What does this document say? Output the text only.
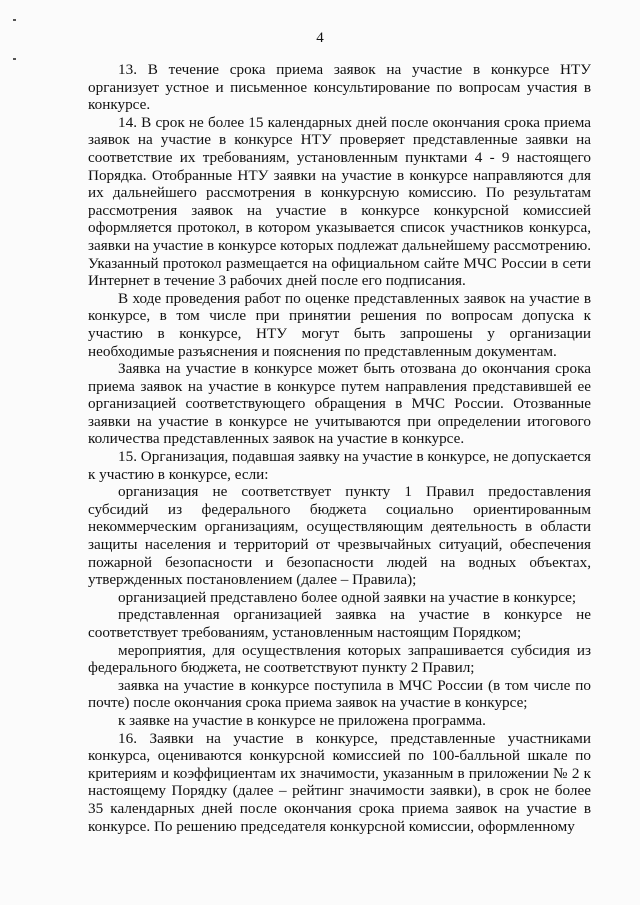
4

13. В течение срока приема заявок на участие в конкурсе НТУ организует устное и письменное консультирование по вопросам участия в конкурсе.

14. В срок не более 15 календарных дней после окончания срока приема заявок на участие в конкурсе НТУ проверяет представленные заявки на соответствие их требованиям, установленным пунктами 4 - 9 настоящего Порядка. Отобранные НТУ заявки на участие в конкурсе направляются для их дальнейшего рассмотрения в конкурсную комиссию. По результатам рассмотрения заявок на участие в конкурсе конкурсной комиссией оформляется протокол, в котором указывается список участников конкурса, заявки на участие в конкурсе которых подлежат дальнейшему рассмотрению. Указанный протокол размещается на официальном сайте МЧС России в сети Интернет в течение 3 рабочих дней после его подписания.

В ходе проведения работ по оценке представленных заявок на участие в конкурсе, в том числе при принятии решения по вопросам допуска к участию в конкурсе, НТУ могут быть запрошены у организации необходимые разъяснения и пояснения по представленным документам.

Заявка на участие в конкурсе может быть отозвана до окончания срока приема заявок на участие в конкурсе путем направления представившей ее организацией соответствующего обращения в МЧС России. Отозванные заявки на участие в конкурсе не учитываются при определении итогового количества представленных заявок на участие в конкурсе.

15. Организация, подавшая заявку на участие в конкурсе, не допускается к участию в конкурсе, если:

организация не соответствует пункту 1 Правил предоставления субсидий из федерального бюджета социально ориентированным некоммерческим организациям, осуществляющим деятельность в области защиты населения и территорий от чрезвычайных ситуаций, обеспечения пожарной безопасности и безопасности людей на водных объектах, утвержденных постановлением (далее – Правила);

организацией представлено более одной заявки на участие в конкурсе;

представленная организацией заявка на участие в конкурсе не соответствует требованиям, установленным настоящим Порядком;

мероприятия, для осуществления которых запрашивается субсидия из федерального бюджета, не соответствуют пункту 2 Правил;

заявка на участие в конкурсе поступила в МЧС России (в том числе по почте) после окончания срока приема заявок на участие в конкурсе;

к заявке на участие в конкурсе не приложена программа.

16. Заявки на участие в конкурсе, представленные участниками конкурса, оцениваются конкурсной комиссией по 100-балльной шкале по критериям и коэффициентам их значимости, указанным в приложении № 2 к настоящему Порядку (далее – рейтинг значимости заявки), в срок не более 35 календарных дней после окончания срока приема заявок на участие в конкурсе. По решению председателя конкурсной комиссии, оформленному
